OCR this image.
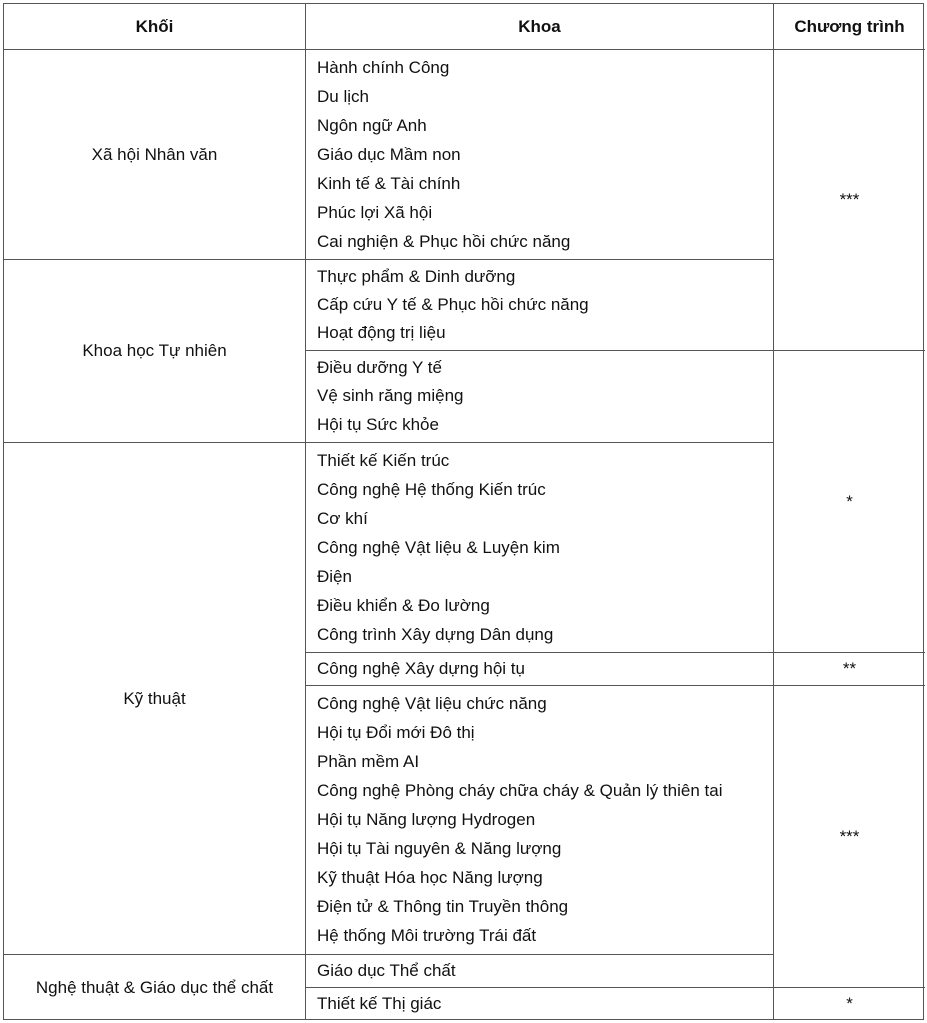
Khối	Khoa	Chương trình
Xã hội Nhân văn
Khoa học Tự nhiên
Kỹ thuật
Nghệ thuật & Giáo dục thể chất
Hành chính Công
Du lịch
Ngôn ngữ Anh
Giáo dục Mầm non
Kinh tế & Tài chính
Phúc lợi Xã hội
Cai nghiện & Phục hồi chức năng
Thực phẩm & Dinh dưỡng
Cấp cứu Y tế & Phục hồi chức năng
Hoạt động trị liệu
Điều dưỡng Y tế
Vệ sinh răng miệng
Hội tụ Sức khỏe
Thiết kế Kiến trúc
Công nghệ Hệ thống Kiến trúc
Cơ khí
Công nghệ Vật liệu & Luyện kim
Điện
Điều khiển & Đo lường
Công trình Xây dựng Dân dụng
Công nghệ Xây dựng hội tụ
Công nghệ Vật liệu chức năng
Hội tụ Đổi mới Đô thị
Phần mềm AI
Công nghệ Phòng cháy chữa cháy & Quản lý thiên tai
Hội tụ Năng lượng Hydrogen
Hội tụ Tài nguyên & Năng lượng
Kỹ thuật Hóa học Năng lượng
Điện tử & Thông tin Truyền thông
Hệ thống Môi trường Trái đất
Giáo dục Thể chất
Thiết kế Thị giác
***
*
**
***
*
